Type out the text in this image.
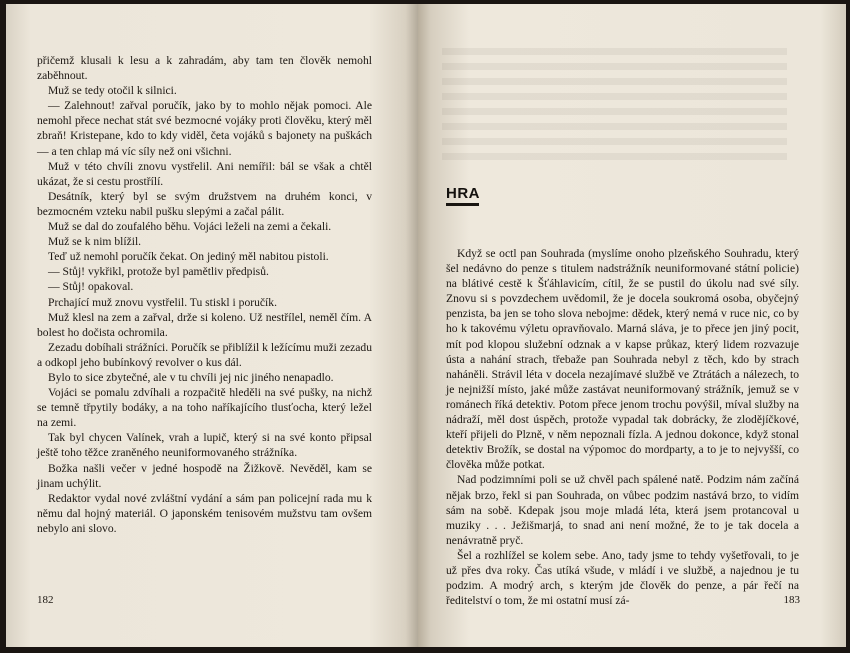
přičemž klusali k lesu a k zahradám, aby tam ten člověk nemohl zaběhnout.

Muž se tedy otočil k silnici.

— Zalehnout! zařval poručík, jako by to mohlo nějak pomoci. Ale nemohl přece nechat stát své bezmocné vojáky proti člověku, který měl zbraň! Kristepane, kdo to kdy viděl, četa vojáků s bajonety na puškách — a ten chlap má víc síly než oni všichni.

Muž v této chvíli znovu vystřelil. Ani nemířil: bál se však a chtěl ukázat, že si cestu prostřílí.

Desátník, který byl se svým družstvem na druhém konci, v bezmocném vzteku nabil pušku slepými a začal pálit.

Muž se dal do zoufalého běhu. Vojáci leželi na zemi a čekali.

Muž se k nim blížil.

Teď už nemohl poručík čekat. On jediný měl nabitou pistoli.

— Stůj! vykřikl, protože byl pamětliv předpisů.

— Stůj! opakoval.

Prchající muž znovu vystřelil. Tu stiskl i poručík.

Muž klesl na zem a zařval, drže si koleno. Už nestřílel, neměl čím. A bolest ho dočista ochromila.

Zezadu dobíhali strážníci. Poručík se přiblížil k ležícímu muži zezadu a odkopl jeho bubínkový revolver o kus dál.

Bylo to sice zbytečné, ale v tu chvíli jej nic jiného nenapadlo.

Vojáci se pomalu zdvíhali a rozpačitě hleděli na své pušky, na nichž se temně třpytily bodáky, a na toho naříkajícího tlusťocha, který ležel na zemi.

Tak byl chycen Valínek, vrah a lupič, který si na své konto připsal ještě toho těžce zraněného neuniformovaného strážníka.

Božka našli večer v jedné hospodě na Žižkově. Nevěděl, kam se jinam uchýlit.

Redaktor vydal nové zvláštní vydání a sám pan policejní rada mu k němu dal hojný materiál. O japonském tenisovém mužstvu tam ovšem nebylo ani slovo.

182
HRA

Když se octl pan Souhrada (myslíme onoho plzeňského Souhradu, který šel nedávno do penze s titulem nadstrážník neuniformované státní policie) na blátivé cestě k Šťáhlavicím, cítil, že se pustil do úkolu nad své síly. Znovu si s povzdechem uvědomil, že je docela soukromá osoba, obyčejný penzista, ba jen se toho slova nebojme: dědek, který nemá v ruce nic, co by ho k takovému výletu opravňovalo. Marná sláva, je to přece jen jiný pocit, mít pod klopou služební odznak a v kapse průkaz, který lidem rozvazuje ústa a nahání strach, třebaže pan Souhrada nebyl z těch, kdo by strach naháněli. Strávil léta v docela nezajímavé službě ve Ztrátách a nálezech, to je nejnižší místo, jaké může zastávat neuniformovaný strážník, jemuž se v románech říká detektiv. Potom přece jenom trochu povýšil, míval služby na nádraží, měl dost úspěch, protože vypadal tak dobrácky, že zlodějíčkové, kteří přijeli do Plzně, v něm nepoznali fízla. A jednou dokonce, když stonal detektiv Brožík, se dostal na výpomoc do mordparty, a to je to nejvyšší, co člověka může potkat.

Nad podzimními poli se už chvěl pach spálené natě. Podzim nám začíná nějak brzo, řekl si pan Souhrada, on vůbec podzim nastává brzo, to vidím sám na sobě. Kdepak jsou moje mladá léta, která jsem protancoval u muziky . . . Ježišmarjá, to snad ani není možné, že to je tak docela a nenávratně pryč.

Šel a rozhlížel se kolem sebe. Ano, tady jsme to tehdy vyšetřovali, to je už přes dva roky. Čas utíká všude, v mládí i ve službě, a najednou je tu podzim. A modrý arch, s kterým jde člověk do penze, a pár řečí na ředitelství o tom, že mi ostatní musí zá-	183
